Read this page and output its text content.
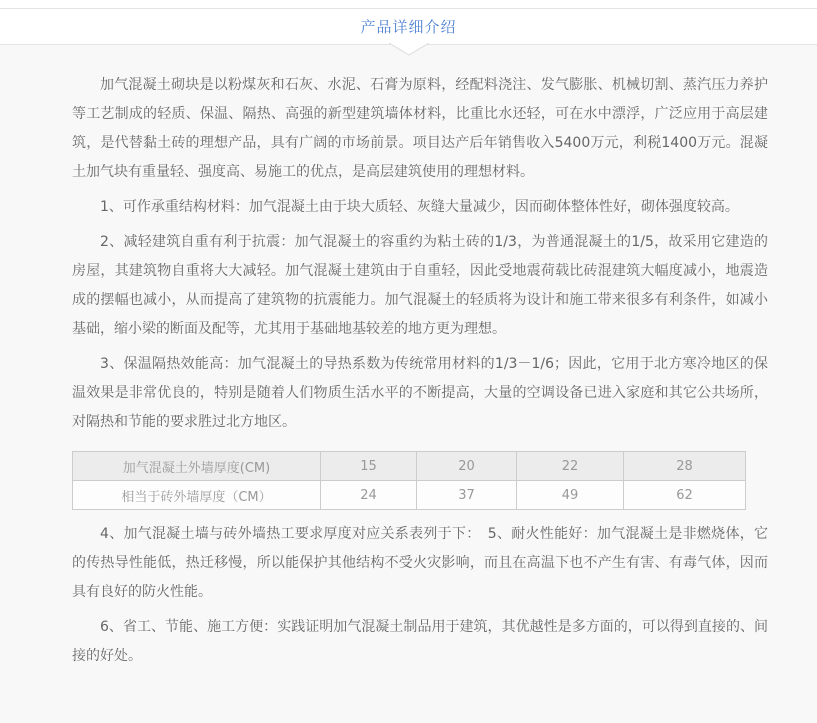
产品详细介绍

加气混凝土砌块是以粉煤灰和石灰、水泥、石膏为原料，经配料浇注、发气膨胀、机械切割、蒸汽压力养护等工艺制成的轻质、保温、隔热、高强的新型建筑墙体材料，比重比水还轻，可在水中漂浮，广泛应用于高层建筑，是代替黏土砖的理想产品，具有广阔的市场前景。项目达产后年销售收入5400万元，利税1400万元。混凝土加气块有重量轻、强度高、易施工的优点，是高层建筑使用的理想材料。

1、可作承重结构材料：加气混凝土由于块大质轻、灰缝大量减少，因而砌体整体性好，砌体强度较高。

2、减轻建筑自重有利于抗震：加气混凝土的容重约为粘土砖的1/3，为普通混凝土的1/5，故采用它建造的房屋，其建筑物自重将大大减轻。加气混凝土建筑由于自重轻，因此受地震荷载比砖混建筑大幅度减小，地震造成的摆幅也减小，从而提高了建筑物的抗震能力。加气混凝土的轻质将为设计和施工带来很多有利条件，如减小基础，缩小梁的断面及配等，尤其用于基础地基较差的地方更为理想。

3、保温隔热效能高：加气混凝土的导热系数为传统常用材料的1/3－1/6；因此，它用于北方寒冷地区的保温效果是非常优良的，特别是随着人们物质生活水平的不断提高，大量的空调设备已进入家庭和其它公共场所，对隔热和节能的要求胜过北方地区。

加气混凝土外墙厚度(CM)	15	20	22	28
相当于砖外墙厚度（CM）	24	37	49	62

4、加气混凝土墙与砖外墙热工要求厚度对应关系表列于下：　5、耐火性能好：加气混凝土是非燃烧体，它的传热导性能低，热迁移慢，所以能保护其他结构不受火灾影响，而且在高温下也不产生有害、有毒气体，因而具有良好的防火性能。

6、省工、节能、施工方便：实践证明加气混凝土制品用于建筑，其优越性是多方面的，可以得到直接的、间接的好处。
